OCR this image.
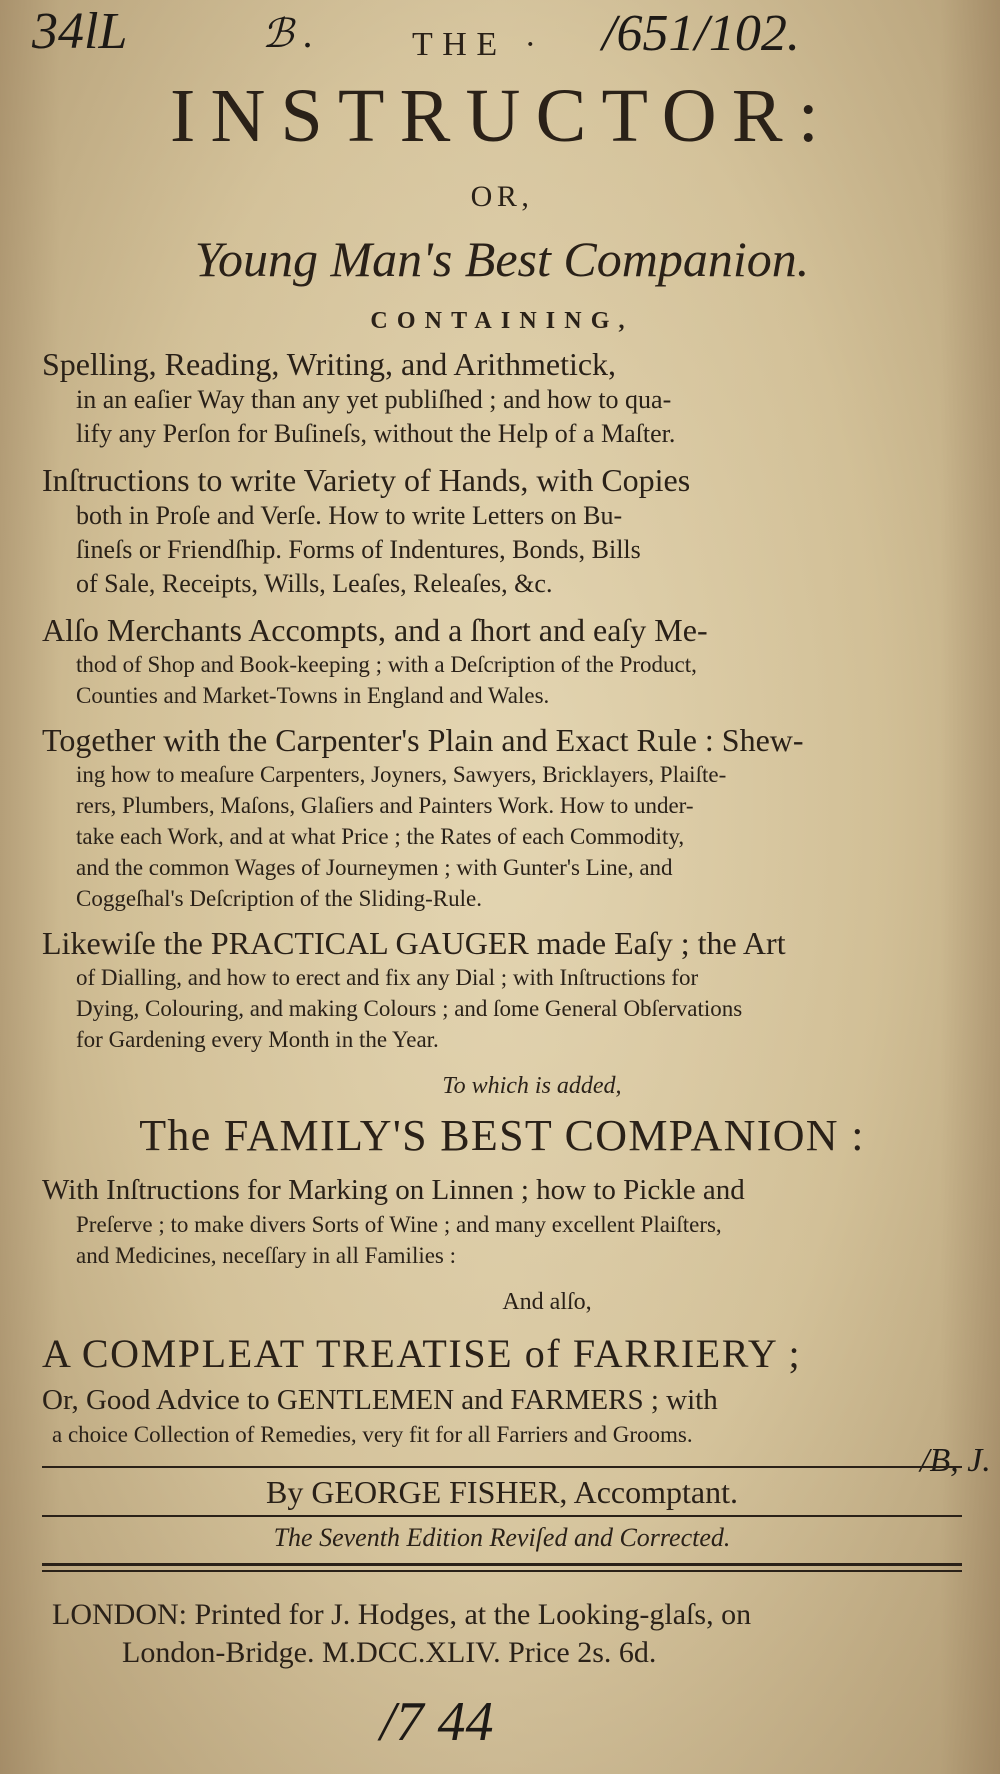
/B, J.
34lL	ℬ .	THE · /651/102.
INSTRUCTOR:
OR,
Young Man's Best Companion.
CONTAINING,
Spelling, Reading, Writing, and Arithmetick,
in an eaſier Way than any yet publiſhed ; and how to qua-
lify any Perſon for Buſineſs, without the Help of a Maſter.
Inſtructions to write Variety of Hands, with Copies
both in Proſe and Verſe. How to write Letters on Bu-
ſineſs or Friendſhip. Forms of Indentures, Bonds, Bills
of Sale, Receipts, Wills, Leaſes, Releaſes, &c.
Alſo Merchants Accompts, and a ſhort and eaſy Me-
thod of Shop and Book-keeping ; with a Deſcription of the Product,
Counties and Market-Towns in England and Wales.
Together with the Carpenter's Plain and Exact Rule : Shew-
ing how to meaſure Carpenters, Joyners, Sawyers, Bricklayers, Plaiſte-
rers, Plumbers, Maſons, Glaſiers and Painters Work. How to under-
take each Work, and at what Price ; the Rates of each Commodity,
and the common Wages of Journeymen ; with Gunter's Line, and
Coggeſhal's Deſcription of the Sliding-Rule.
Likewiſe the PRACTICAL GAUGER made Eaſy ; the Art
of Dialling, and how to erect and fix any Dial ; with Inſtructions for
Dying, Colouring, and making Colours ; and ſome General Obſervations
for Gardening every Month in the Year.
To which is added,
The FAMILY'S BEST COMPANION :
With Inſtructions for Marking on Linnen ; how to Pickle and
Preſerve ; to make divers Sorts of Wine ; and many excellent Plaiſters,
and Medicines, neceſſary in all Families :
And alſo,
A COMPLEAT TREATISE of FARRIERY ;
Or, Good Advice to GENTLEMEN and FARMERS ; with
a choice Collection of Remedies, very fit for all Farriers and Grooms.
By GEORGE FISHER, Accomptant.
The Seventh Edition Reviſed and Corrected.
LONDON: Printed for J. Hodges, at the Looking-glaſs, on
London-Bridge. M.DCC.XLIV. Price 2s. 6d.
/7 44
